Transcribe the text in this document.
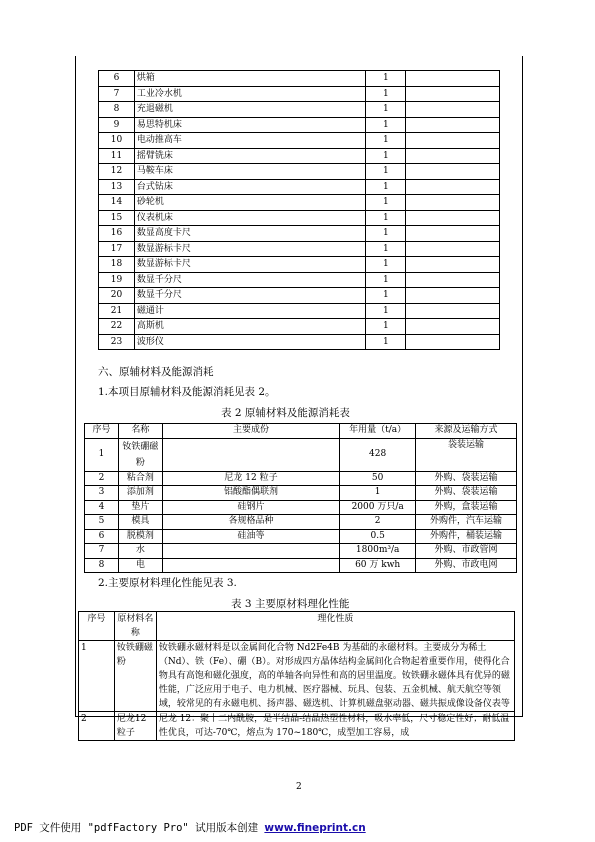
6	烘箱	1	
7	工业冷水机	1	
8	充退磁机	1	
9	易思特机床	1	
10	电动推高车	1	
11	摇臂铣床	1	
12	马鞍车床	1	
13	台式钻床	1	
14	砂轮机	1	
15	仪表机床	1	
16	数显高度卡尺	1	
17	数显游标卡尺	1	
18	数显游标卡尺	1	
19	数显千分尺	1	
20	数显千分尺	1	
21	磁通计	1	
22	高斯机	1	
23	波形仪	1	
六、原辅材料及能源消耗
1.本项目原辅材料及能源消耗见表 2。
表 2 原辅材料及能源消耗表
序号	名称	主要成份	年用量（t/a）	来源及运输方式
1	钕铁硼磁粉		428	袋装运输
2	粘合剂	尼龙 12 粒子	50	外购、袋装运输
3	添加剂	铝酸酯偶联剂	1	外购、袋装运输
4	垫片	硅钢片	2000 万只/a	外购，盒装运输
5	模具	各规格品种	2	外购件，汽车运输
6	脱模剂	硅油等	0.5	外购件，桶装运输
7	水		1800m³/a	外购、市政管网
8	电		60 万 kwh	外购、市政电网
2.主要原材料理化性能见表 3.
表 3 主要原材料理化性能
序号	原材料名称	理化性质
1	钕铁硼磁粉	钕铁硼永磁材料是以金属间化合物 Nd2Fe4B 为基础的永磁材料。主要成分为稀土（Nd）、铁（Fe）、硼（B）。对形成四方晶体结构金属间化合物起着重要作用，使得化合物具有高饱和磁化强度，高的单轴各向异性和高的居里温度。钕铁硼永磁体具有优异的磁性能，广泛应用于电子、电力机械、医疗器械、玩具、包装、五金机械、航天航空等领域，较常见的有永磁电机、扬声器、磁选机、计算机磁盘驱动器、磁共振成像设备仪表等
2	尼龙12粒子	尼龙 12：聚十二内酰胺，是半结晶-结晶热塑性材料，吸水率低，尺寸稳定性好；耐低温性优良，可达-70℃，熔点为 170~180℃，成型加工容易，成
2
PDF 文件使用 "pdfFactory Pro" 试用版本创建 www.fineprint.cn
